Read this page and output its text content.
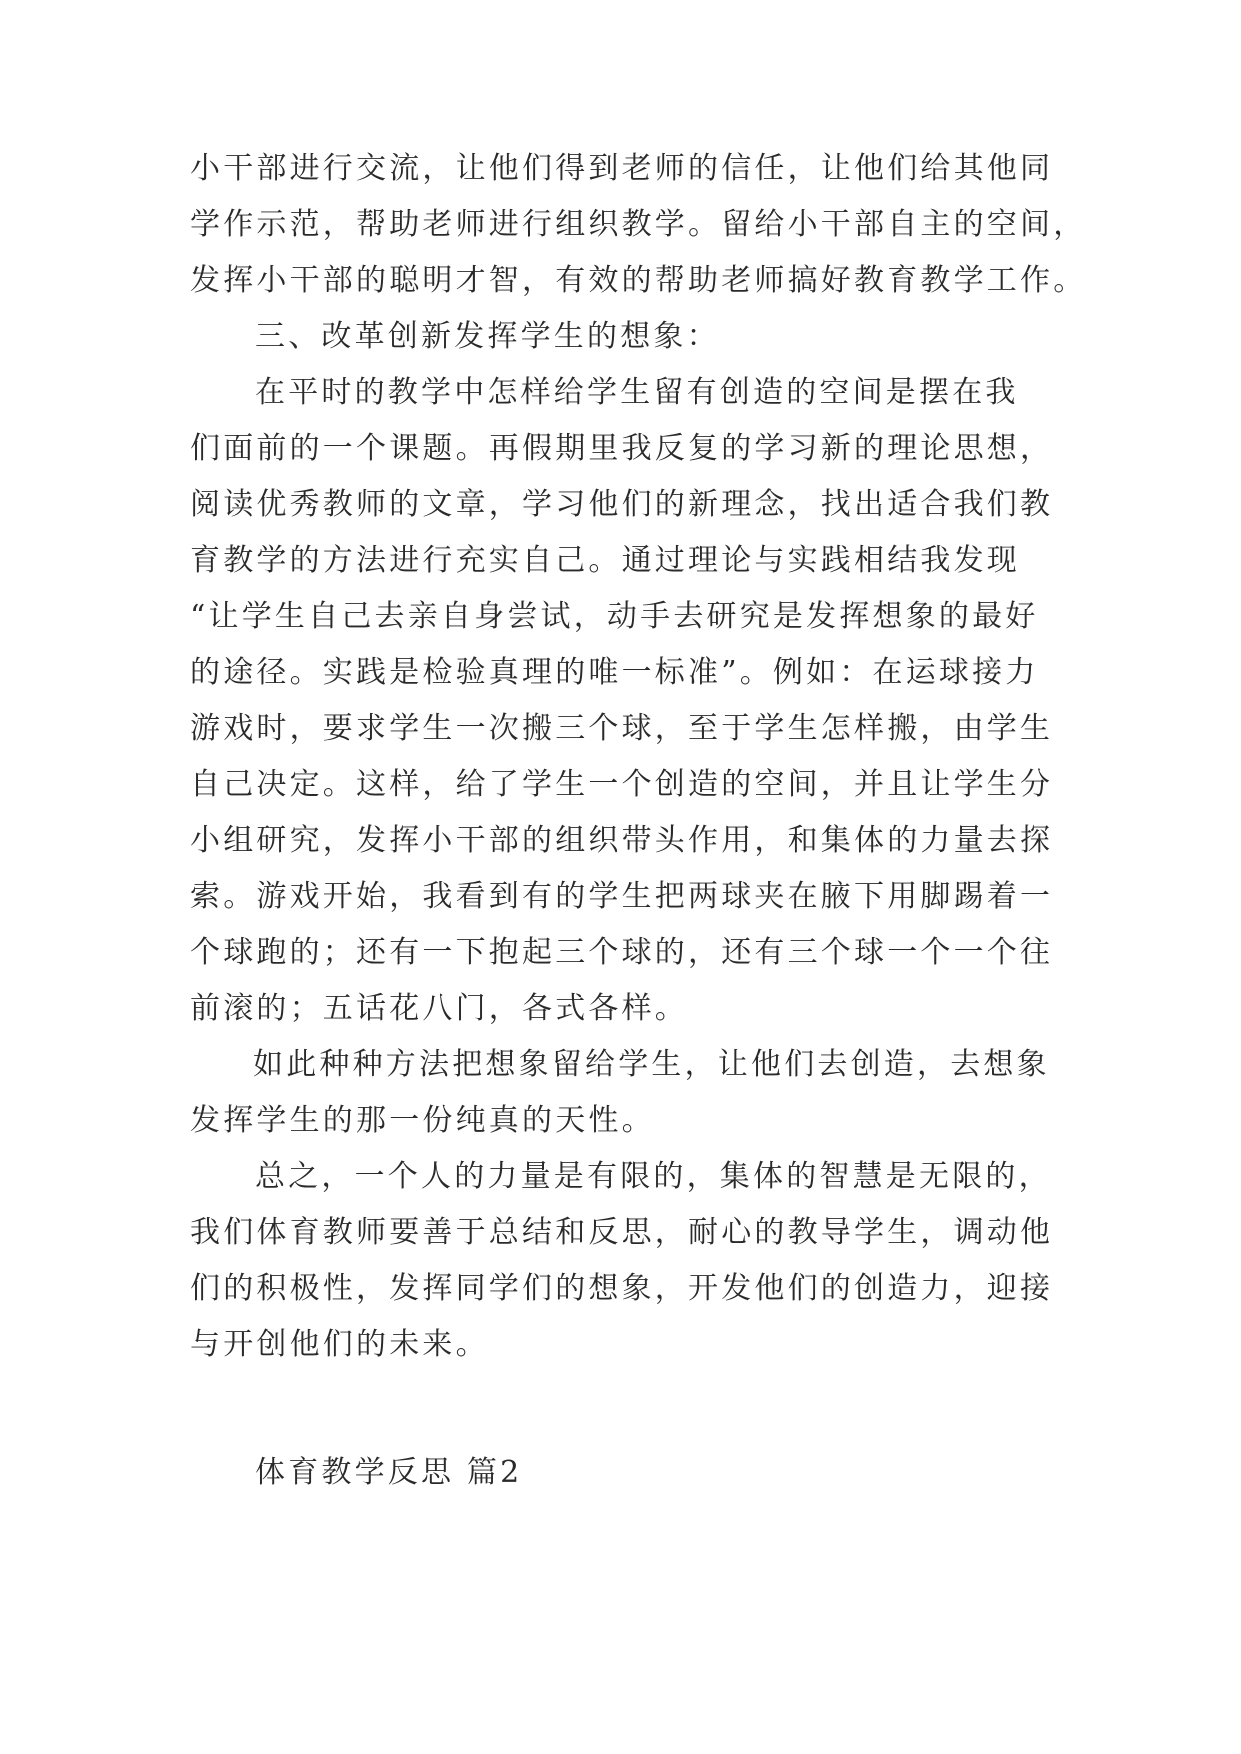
小干部进行交流，让他们得到老师的信任，让他们给其他同
学作示范，帮助老师进行组织教学。留给小干部自主的空间，
发挥小干部的聪明才智，有效的帮助老师搞好教育教学工作。
三、改革创新发挥学生的想象：
在平时的教学中怎样给学生留有创造的空间是摆在我
们面前的一个课题。再假期里我反复的学习新的理论思想，
阅读优秀教师的文章，学习他们的新理念，找出适合我们教
育教学的方法进行充实自己。通过理论与实践相结我发现
“让学生自己去亲自身尝试，动手去研究是发挥想象的最好
的途径。实践是检验真理的唯一标准”。例如：在运球接力
游戏时，要求学生一次搬三个球，至于学生怎样搬，由学生
自己决定。这样，给了学生一个创造的空间，并且让学生分
小组研究，发挥小干部的组织带头作用，和集体的力量去探
索。游戏开始，我看到有的学生把两球夹在腋下用脚踢着一
个球跑的；还有一下抱起三个球的，还有三个球一个一个往
前滚的；五话花八门，各式各样。
如此种种方法把想象留给学生，让他们去创造，去想象
发挥学生的那一份纯真的天性。
总之，一个人的力量是有限的，集体的智慧是无限的，
我们体育教师要善于总结和反思，耐心的教导学生，调动他
们的积极性，发挥同学们的想象，开发他们的创造力，迎接
与开创他们的未来。
体育教学反思 篇2
